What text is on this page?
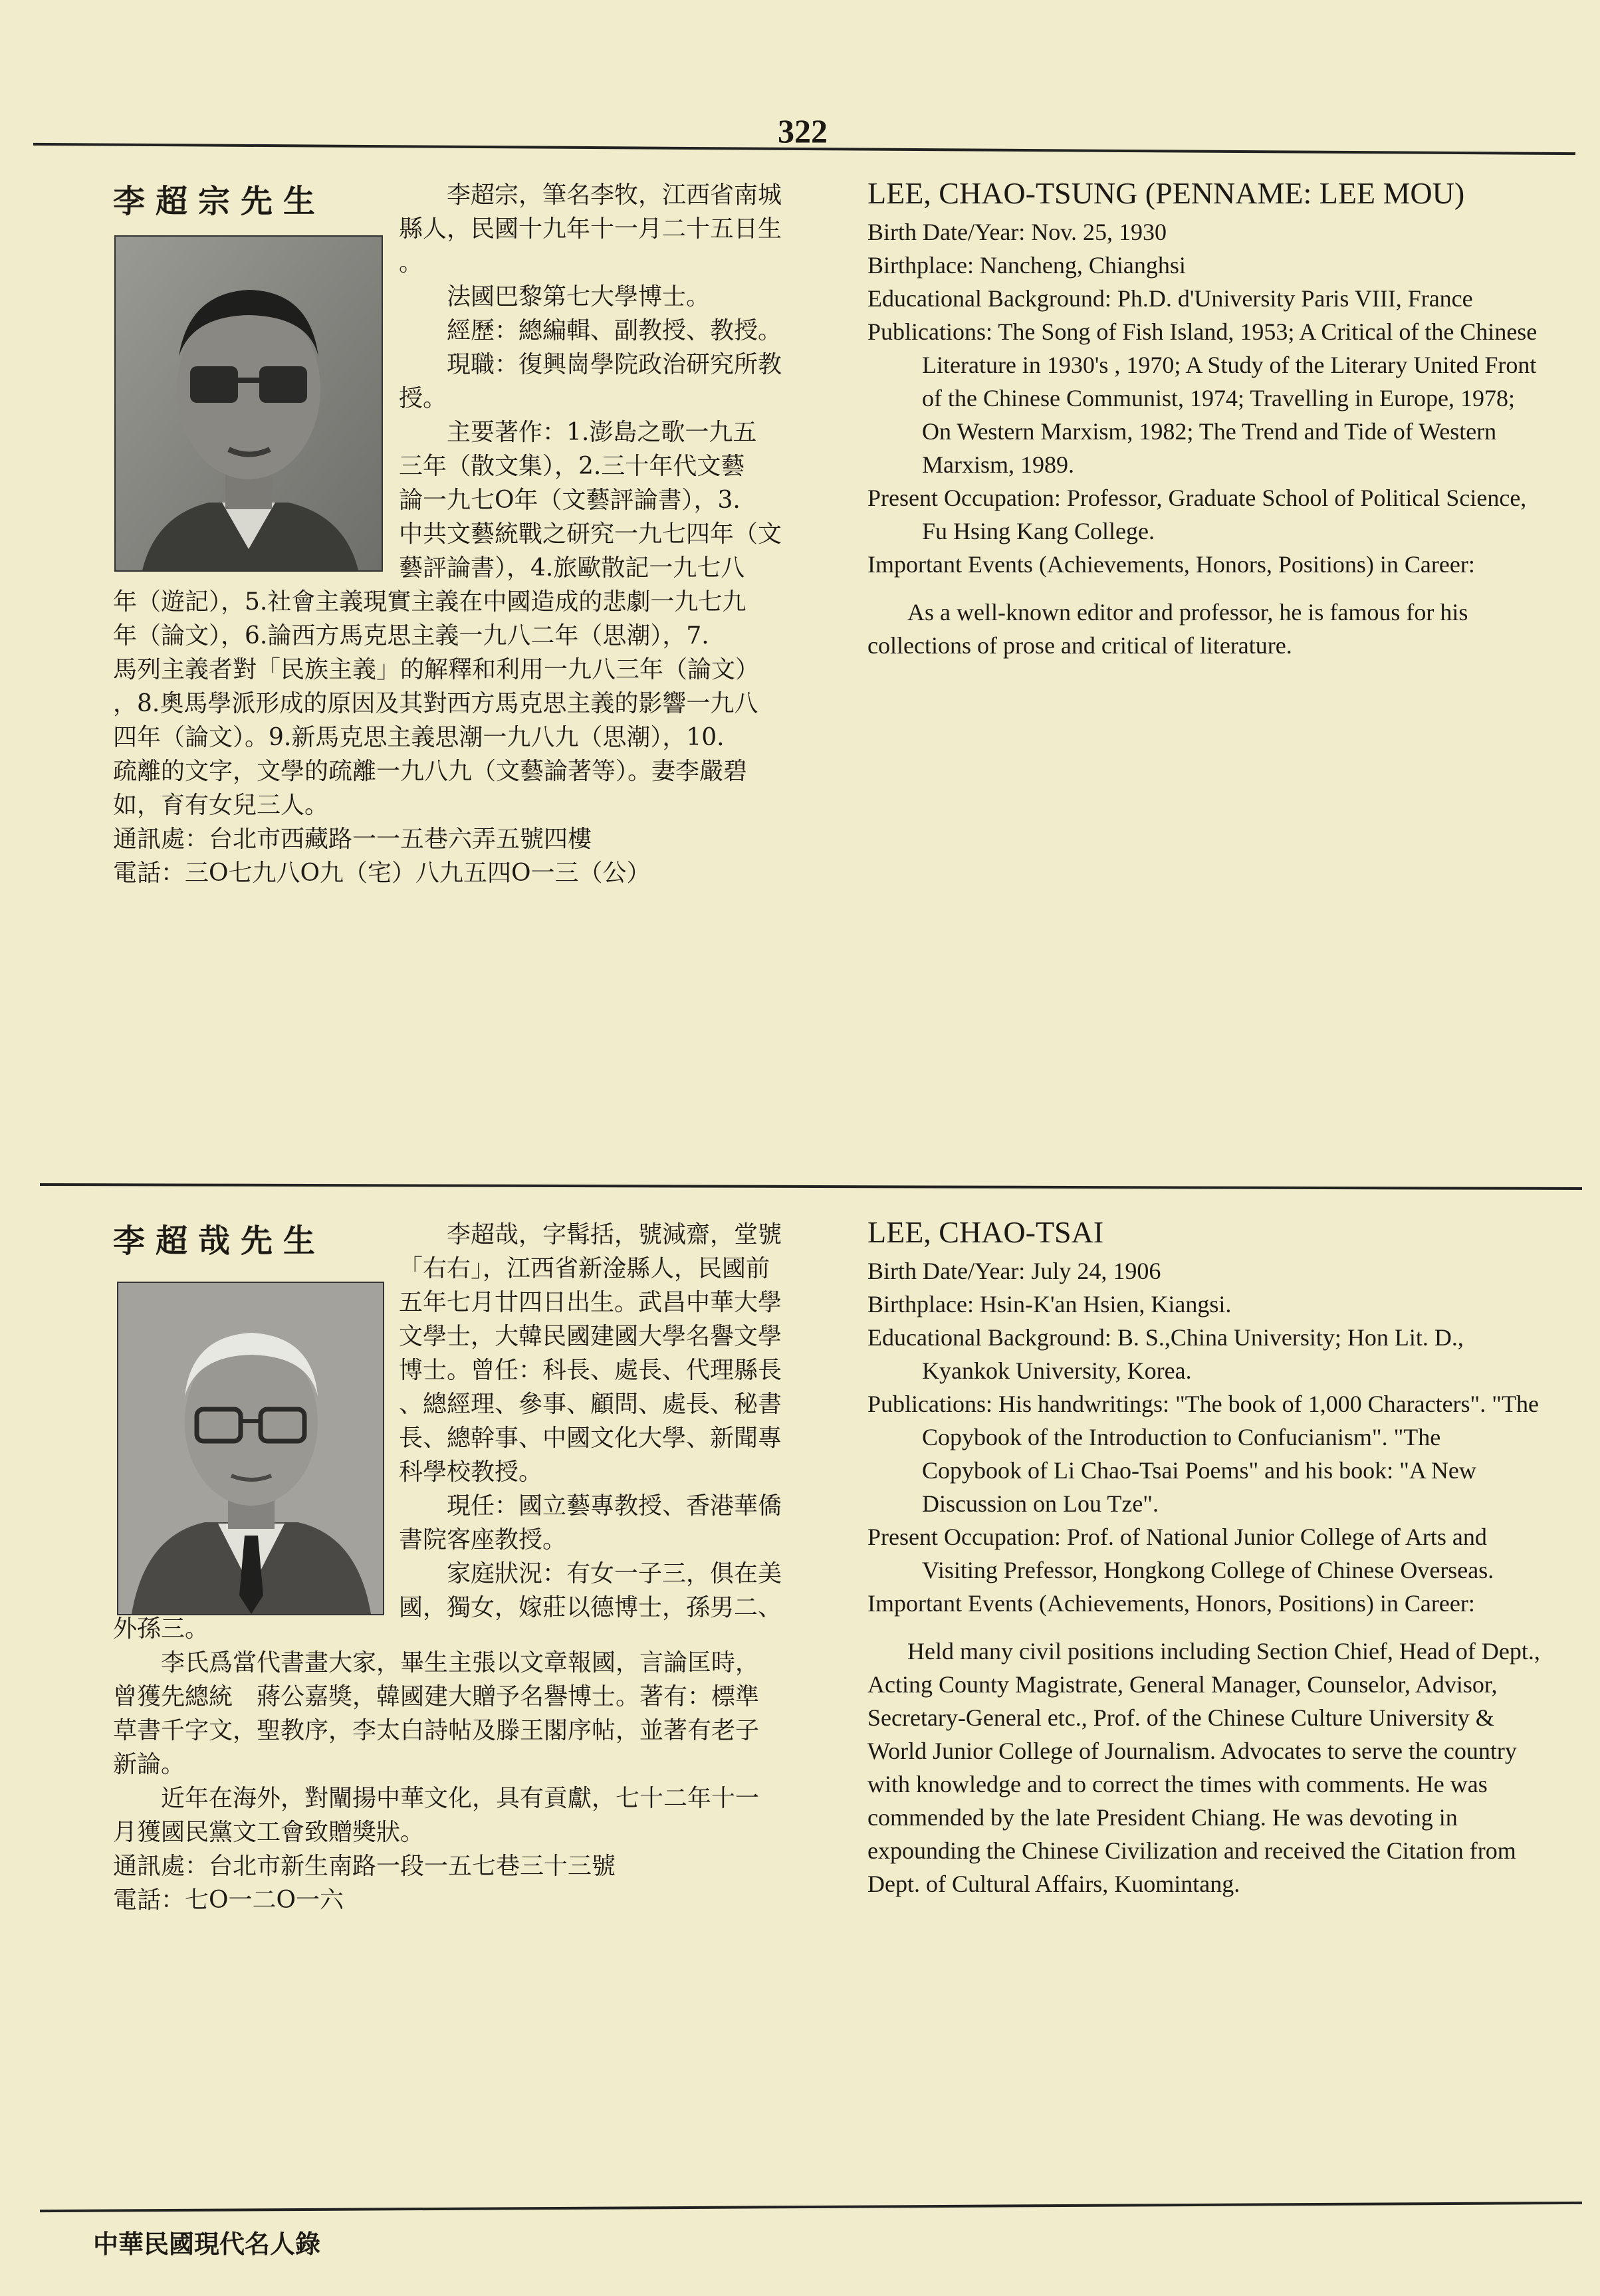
322
李超宗先生	　　李超宗，筆名李牧，江西省南城

縣人，民國十九年十一月二十五日生

。

　　法國巴黎第七大學博士。

　　經歷：總編輯、副教授、教授。

　　現職：復興崗學院政治研究所教

授。

　　主要著作：1.澎島之歌一九五

三年（散文集），2.三十年代文藝

論一九七O年（文藝評論書），3.

中共文藝統戰之研究一九七四年（文

藝評論書），4.旅歐散記一九七八

年（遊記），5.社會主義現實主義在中國造成的悲劇一九七九

年（論文），6.論西方馬克思主義一九八二年（思潮），7.

馬列主義者對「民族主義」的解釋和利用一九八三年（論文）

，8.奧馬學派形成的原因及其對西方馬克思主義的影響一九八

四年（論文）。9.新馬克思主義思潮一九八九（思潮），10.

疏離的文字，文學的疏離一九八九（文藝論著等）。妻李嚴碧

如，育有女兒三人。

通訊處：台北市西藏路一一五巷六弄五號四樓

電話：三O七九八O九（宅）八九五四O一三（公）

LEE, CHAO-TSUNG (PENNAME: LEE MOU)

Birth Date/Year: Nov. 25, 1930

Birthplace: Nancheng, Chianghsi

Educational Background: Ph.D. d'University Paris VIII, France

Publications: The Song of Fish Island, 1953; A Critical of the Chinese Literature in 1930's , 1970; A Study of the Literary United Front of the Chinese Communist, 1974; Travelling in Europe, 1978; On Western Marxism, 1982; The Trend and Tide of Western Marxism, 1989.

Present Occupation: Professor, Graduate School of Political Science, Fu Hsing Kang College.

Important Events (Achievements, Honors, Positions) in Career:

As a well-known editor and professor, he is famous for his collections of prose and critical of literature.

李超哉先生	　　李超哉，字髯括，號減齋，堂號

「右右」，江西省新淦縣人，民國前

五年七月廿四日出生。武昌中華大學

文學士，大韓民國建國大學名譽文學

博士。曾任：科長、處長、代理縣長

、總經理、參事、顧問、處長、秘書

長、總幹事、中國文化大學、新聞專

科學校教授。

　　現任：國立藝專教授、香港華僑

書院客座教授。

　　家庭狀況：有女一子三，俱在美

國，獨女，嫁莊以德博士，孫男二、

外孫三。

　　李氏爲當代書畫大家，畢生主張以文章報國，言論匡時，

曾獲先總統　蔣公嘉獎，韓國建大贈予名譽博士。著有：標準

草書千字文，聖教序，李太白詩帖及滕王閣序帖，並著有老子

新論。

　　近年在海外，對闡揚中華文化，具有貢獻，七十二年十一

月獲國民黨文工會致贈獎狀。

通訊處：台北市新生南路一段一五七巷三十三號

電話：七O一二O一六

LEE, CHAO-TSAI

Birth Date/Year: July 24, 1906

Birthplace: Hsin-K'an Hsien, Kiangsi.

Educational Background: B. S.,China University; Hon Lit. D., Kyankok University, Korea.

Publications: His handwritings: "The book of 1,000 Characters". "The Copybook of the Introduction to Confucianism". "The Copybook of Li Chao-Tsai Poems" and his book: "A New Discussion on Lou Tze".

Present Occupation: Prof. of National Junior College of Arts and Visiting Prefessor, Hongkong College of Chinese Overseas.

Important Events (Achievements, Honors, Positions) in Career:

Held many civil positions including Section Chief, Head of Dept., Acting County Magistrate, General Manager, Counselor, Advisor, Secretary-General etc., Prof. of the Chinese Culture University & World Junior College of Journalism. Advocates to serve the country with knowledge and to correct the times with comments. He was commended by the late President Chiang. He was devoting in expounding the Chinese Civilization and received the Citation from Dept. of Cultural Affairs, Kuomintang.

中華民國現代名人錄
